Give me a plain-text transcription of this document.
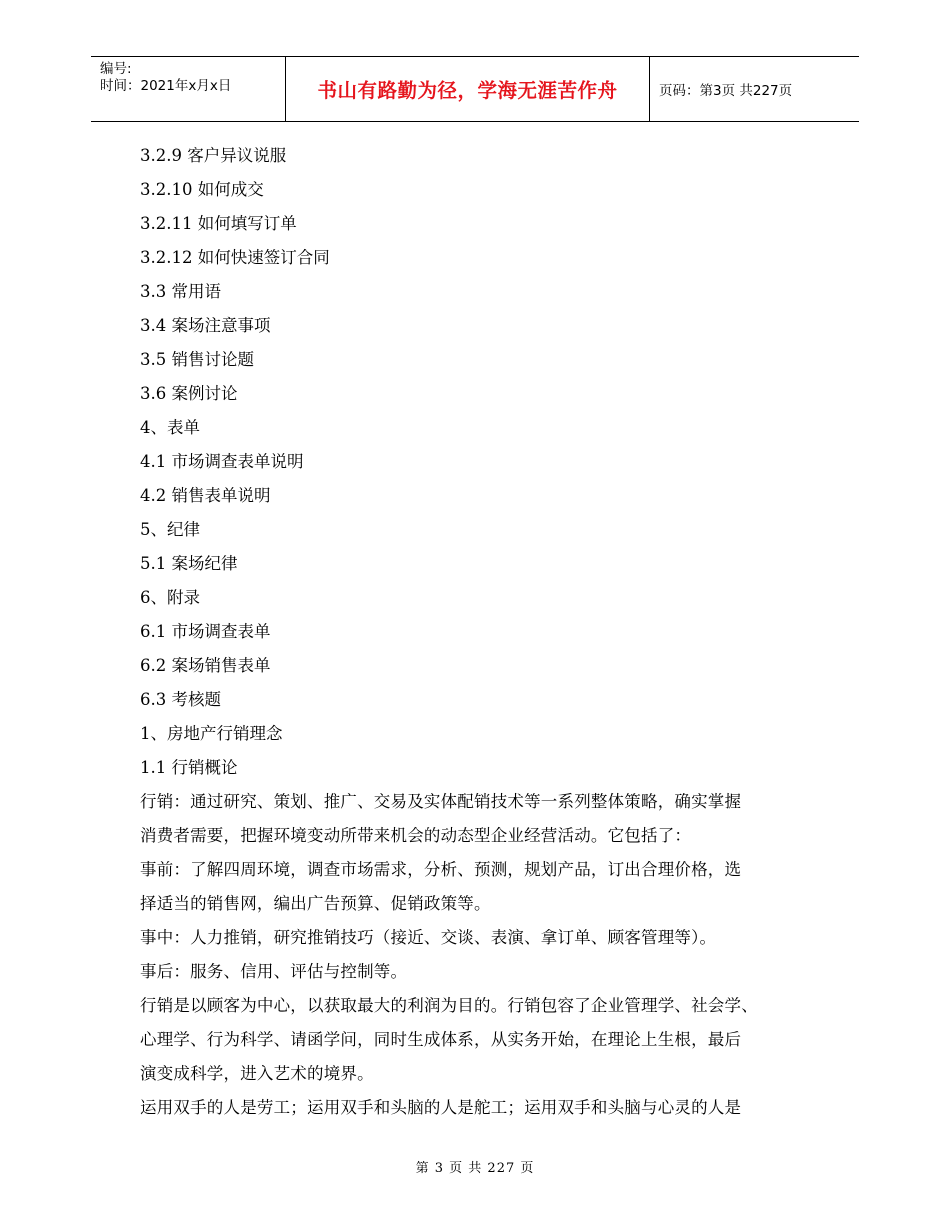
编号:
时间：2021年x月x日	书山有路勤为径，学海无涯苦作舟	页码：第3页 共227页
3.2.9 客户异议说服
3.2.10 如何成交
3.2.11 如何填写订单
3.2.12 如何快速签订合同
3.3 常用语
3.4 案场注意事项
3.5 销售讨论题
3.6 案例讨论
4、表单
4.1 市场调查表单说明
4.2 销售表单说明
5、纪律
5.1 案场纪律
6、附录
6.1 市场调查表单
6.2 案场销售表单
6.3 考核题
1、房地产行销理念
1.1 行销概论
行销：通过研究、策划、推广、交易及实体配销技术等一系列整体策略，确实掌握
消费者需要，把握环境变动所带来机会的动态型企业经营活动。它包括了：
事前：了解四周环境，调查市场需求，分析、预测，规划产品，订出合理价格，选
择适当的销售网，编出广告预算、促销政策等。
事中：人力推销，研究推销技巧（接近、交谈、表演、拿订单、顾客管理等）。
事后：服务、信用、评估与控制等。
行销是以顾客为中心，以获取最大的利润为目的。行销包容了企业管理学、社会学、
心理学、行为科学、请函学问，同时生成体系，从实务开始，在理论上生根，最后
演变成科学，进入艺术的境界。
运用双手的人是劳工；运用双手和头脑的人是舵工；运用双手和头脑与心灵的人是
第 3 页 共 227 页
